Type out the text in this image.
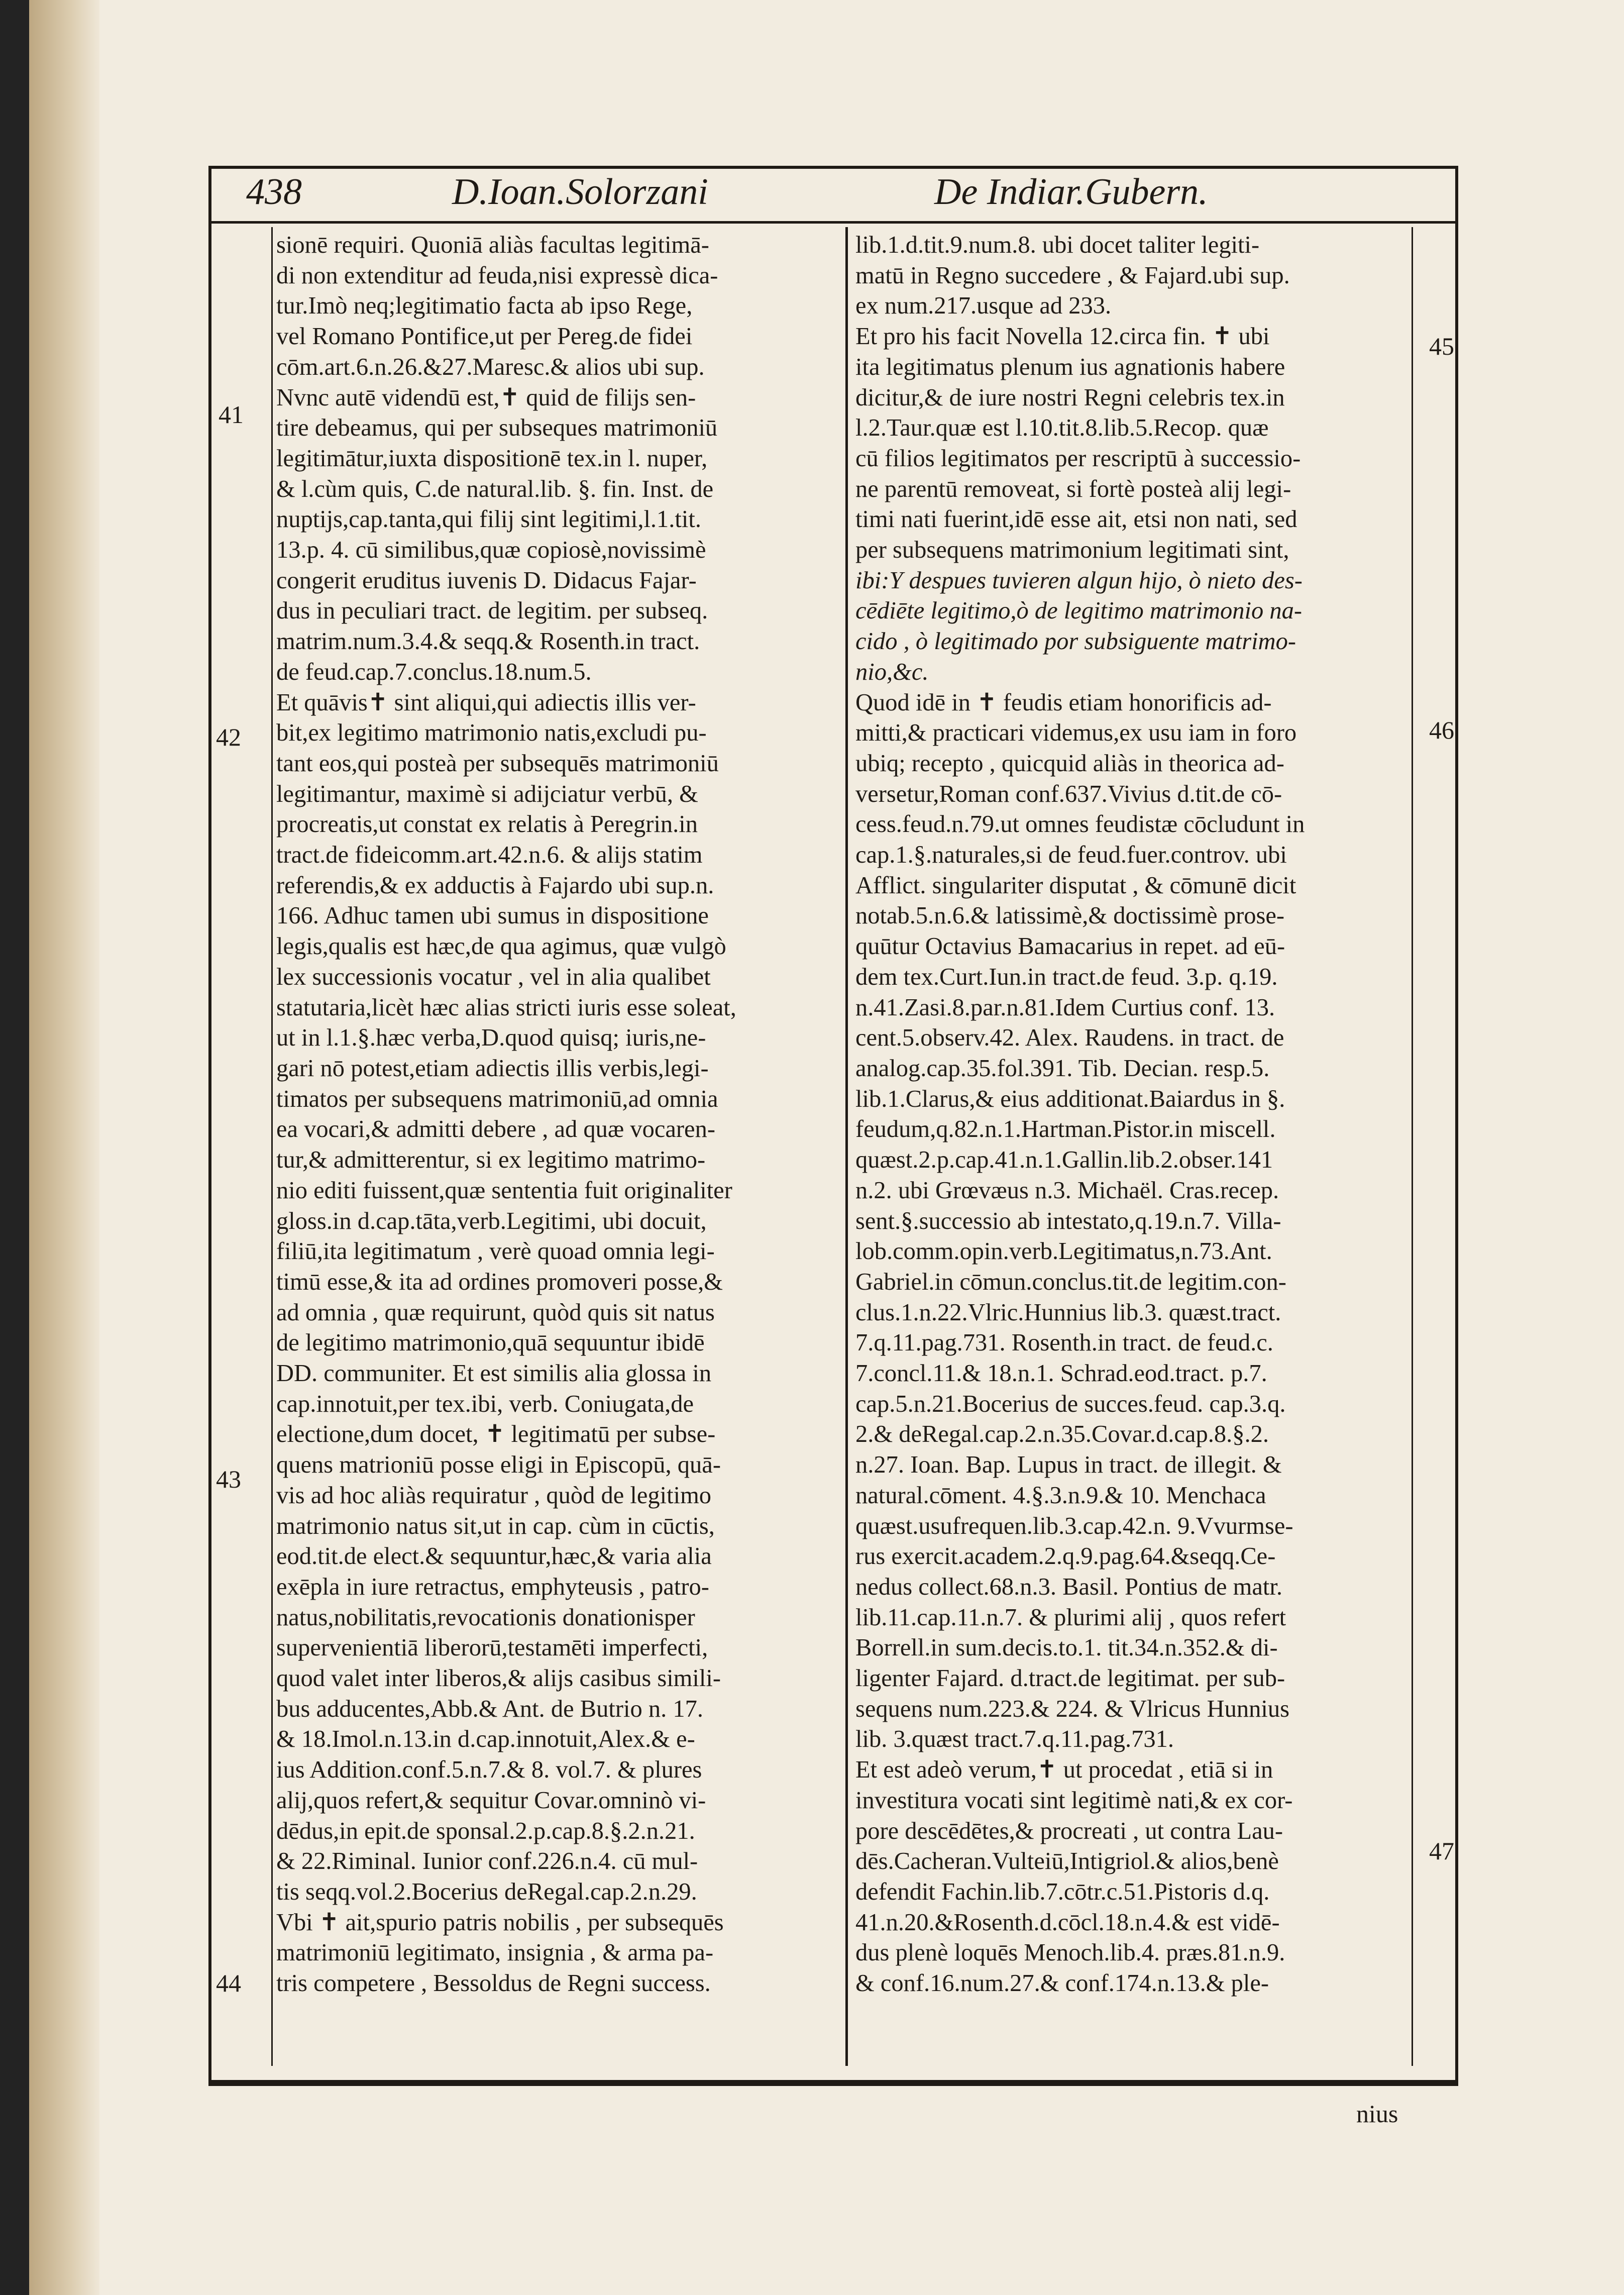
438	D.Ioan.Solorzani	De Indiar.Gubern.
41
42
43
44
45
46
47

sionē requiri. Quoniā aliàs facultas legitimā-

di non extenditur ad feuda,nisi expressè dica-

tur.Imò neq;legitimatio facta ab ipso Rege,

vel Romano Pontifice,ut per Pereg.de fidei

cōm.art.6.n.26.&27.Maresc.& alios ubi sup.

Nvnc autē videndū est,✝ quid de filijs sen-

tire debeamus, qui per subseques matrimoniū

legitimātur,iuxta dispositionē tex.in l. nuper,

& l.cùm quis, C.de natural.lib. §. fin. Inst. de

nuptijs,cap.tanta,qui filij sint legitimi,l.1.tit.

13.p. 4. cū similibus,quæ copiosè,novissimè

congerit eruditus iuvenis D. Didacus Fajar-

dus in peculiari tract. de legitim. per subseq.

matrim.num.3.4.& seqq.& Rosenth.in tract.

de feud.cap.7.conclus.18.num.5.

Et quāvis✝ sint aliqui,qui adiectis illis ver-

bit,ex legitimo matrimonio natis,excludi pu-

tant eos,qui posteà per subsequēs matrimoniū

legitimantur, maximè si adijciatur verbū, &

procreatis,ut constat ex relatis à Peregrin.in

tract.de fideicomm.art.42.n.6. & alijs statim

referendis,& ex adductis à Fajardo ubi sup.n.

166. Adhuc tamen ubi sumus in dispositione

legis,qualis est hæc,de qua agimus, quæ vulgò

lex successionis vocatur , vel in alia qualibet

statutaria,licèt hæc alias stricti iuris esse soleat,

ut in l.1.§.hæc verba,D.quod quisq; iuris,ne-

gari nō potest,etiam adiectis illis verbis,legi-

timatos per subsequens matrimoniū,ad omnia

ea vocari,& admitti debere , ad quæ vocaren-

tur,& admitterentur, si ex legitimo matrimo-

nio editi fuissent,quæ sententia fuit originaliter

gloss.in d.cap.tāta,verb.Legitimi, ubi docuit,

filiū,ita legitimatum , verè quoad omnia legi-

timū esse,& ita ad ordines promoveri posse,&

ad omnia , quæ requirunt, quòd quis sit natus

de legitimo matrimonio,quā sequuntur ibidē

DD. communiter. Et est similis alia glossa in

cap.innotuit,per tex.ibi, verb. Coniugata,de

electione,dum docet, ✝ legitimatū per subse-

quens matrioniū posse eligi in Episcopū, quā-

vis ad hoc aliàs requiratur , quòd de legitimo

matrimonio natus sit,ut in cap. cùm in cūctis,

eod.tit.de elect.& sequuntur,hæc,& varia alia

exēpla in iure retractus, emphyteusis , patro-

natus,nobilitatis,revocationis donationisper

supervenientiā liberorū,testamēti imperfecti,

quod valet inter liberos,& alijs casibus simili-

bus adducentes,Abb.& Ant. de Butrio n. 17.

& 18.Imol.n.13.in d.cap.innotuit,Alex.& e-

ius Addition.conf.5.n.7.& 8. vol.7. & plures

alij,quos refert,& sequitur Covar.omninò vi-

dēdus,in epit.de sponsal.2.p.cap.8.§.2.n.21.

& 22.Riminal. Iunior conf.226.n.4. cū mul-

tis seqq.vol.2.Bocerius deRegal.cap.2.n.29.

Vbi ✝ ait,spurio patris nobilis , per subsequēs

matrimoniū legitimato, insignia , & arma pa-

tris competere , Bessoldus de Regni success.

lib.1.d.tit.9.num.8. ubi docet taliter legiti-

matū in Regno succedere , & Fajard.ubi sup.

ex num.217.usque ad 233.

Et pro his facit Novella 12.circa fin. ✝ ubi

ita legitimatus plenum ius agnationis habere

dicitur,& de iure nostri Regni celebris tex.in

l.2.Taur.quæ est l.10.tit.8.lib.5.Recop. quæ

cū filios legitimatos per rescriptū à successio-

ne parentū removeat, si fortè posteà alij legi-

timi nati fuerint,idē esse ait, etsi non nati, sed

per subsequens matrimonium legitimati sint,

ibi:Y despues tuvieren algun hijo, ò nieto des-

cēdiēte legitimo,ò de legitimo matrimonio na-

cido , ò legitimado por subsiguente matrimo-

nio,&c.

Quod idē in ✝ feudis etiam honorificis ad-

mitti,& practicari videmus,ex usu iam in foro

ubiq; recepto , quicquid aliàs in theorica ad-

versetur,Roman conf.637.Vivius d.tit.de cō-

cess.feud.n.79.ut omnes feudistæ cōcludunt in

cap.1.§.naturales,si de feud.fuer.controv. ubi

Afflict. singulariter disputat , & cōmunē dicit

notab.5.n.6.& latissimè,& doctissimè prose-

quūtur Octavius Bamacarius in repet. ad eū-

dem tex.Curt.Iun.in tract.de feud. 3.p. q.19.

n.41.Zasi.8.par.n.81.Idem Curtius conf. 13.

cent.5.observ.42. Alex. Raudens. in tract. de

analog.cap.35.fol.391. Tib. Decian. resp.5.

lib.1.Clarus,& eius additionat.Baiardus in §.

feudum,q.82.n.1.Hartman.Pistor.in miscell.

quæst.2.p.cap.41.n.1.Gallin.lib.2.obser.141

n.2. ubi Grœvæus n.3. Michaël. Cras.recep.

sent.§.successio ab intestato,q.19.n.7. Villa-

lob.comm.opin.verb.Legitimatus,n.73.Ant.

Gabriel.in cōmun.conclus.tit.de legitim.con-

clus.1.n.22.Vlric.Hunnius lib.3. quæst.tract.

7.q.11.pag.731. Rosenth.in tract. de feud.c.

7.concl.11.& 18.n.1. Schrad.eod.tract. p.7.

cap.5.n.21.Bocerius de succes.feud. cap.3.q.

2.& deRegal.cap.2.n.35.Covar.d.cap.8.§.2.

n.27. Ioan. Bap. Lupus in tract. de illegit. &

natural.cōment. 4.§.3.n.9.& 10. Menchaca

quæst.usufrequen.lib.3.cap.42.n. 9.Vvurmse-

rus exercit.academ.2.q.9.pag.64.&seqq.Ce-

nedus collect.68.n.3. Basil. Pontius de matr.

lib.11.cap.11.n.7. & plurimi alij , quos refert

Borrell.in sum.decis.to.1. tit.34.n.352.& di-

ligenter Fajard. d.tract.de legitimat. per sub-

sequens num.223.& 224. & Vlricus Hunnius

lib. 3.quæst tract.7.q.11.pag.731.

Et est adeò verum,✝ ut procedat , etiā si in

investitura vocati sint legitimè nati,& ex cor-

pore descēdētes,& procreati , ut contra Lau-

dēs.Cacheran.Vulteiū,Intigriol.& alios,benè

defendit Fachin.lib.7.cōtr.c.51.Pistoris d.q.

41.n.20.&Rosenth.d.cōcl.18.n.4.& est vidē-

dus plenè loquēs Menoch.lib.4. præs.81.n.9.

& conf.16.num.27.& conf.174.n.13.& ple-

nius
